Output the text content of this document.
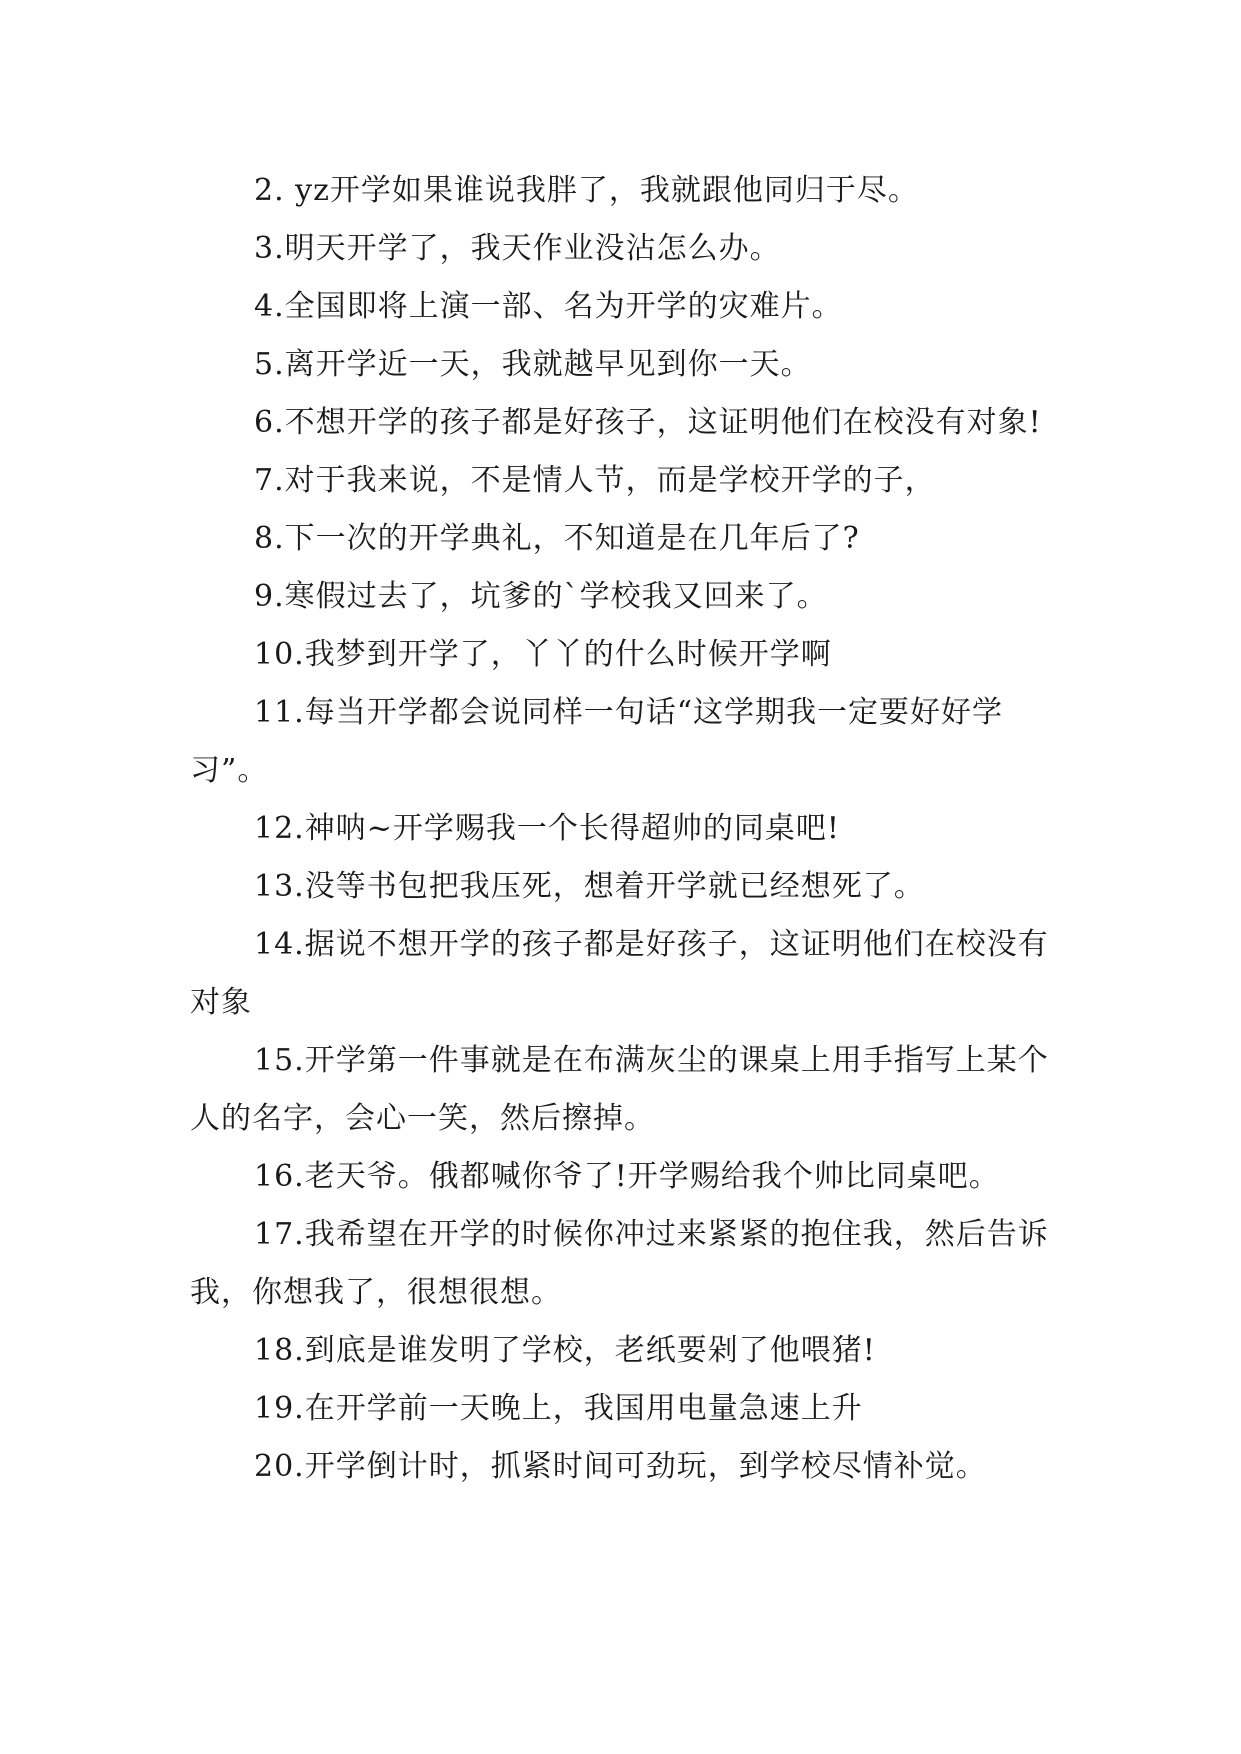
2. yz开学如果谁说我胖了，我就跟他同归于尽。

3.明天开学了，我天作业没沾怎么办。

4.全国即将上演一部、名为开学的灾难片。

5.离开学近一天，我就越早见到你一天。

6.不想开学的孩子都是好孩子，这证明他们在校没有对象!

7.对于我来说，不是情人节，而是学校开学的子，

8.下一次的开学典礼，不知道是在几年后了?

9.寒假过去了，坑爹的`学校我又回来了。

10.我梦到开学了，丫丫的什么时候开学啊

11.每当开学都会说同样一句话“这学期我一定要好好学习”。

12.神呐~开学赐我一个长得超帅的同桌吧!

13.没等书包把我压死，想着开学就已经想死了。

14.据说不想开学的孩子都是好孩子，这证明他们在校没有对象

15.开学第一件事就是在布满灰尘的课桌上用手指写上某个人的名字，会心一笑，然后擦掉。

16.老天爷。俄都喊你爷了!开学赐给我个帅比同桌吧。

17.我希望在开学的时候你冲过来紧紧的抱住我，然后告诉我，你想我了，很想很想。

18.到底是谁发明了学校，老纸要剁了他喂猪!

19.在开学前一天晚上，我国用电量急速上升

20.开学倒计时，抓紧时间可劲玩，到学校尽情补觉。
